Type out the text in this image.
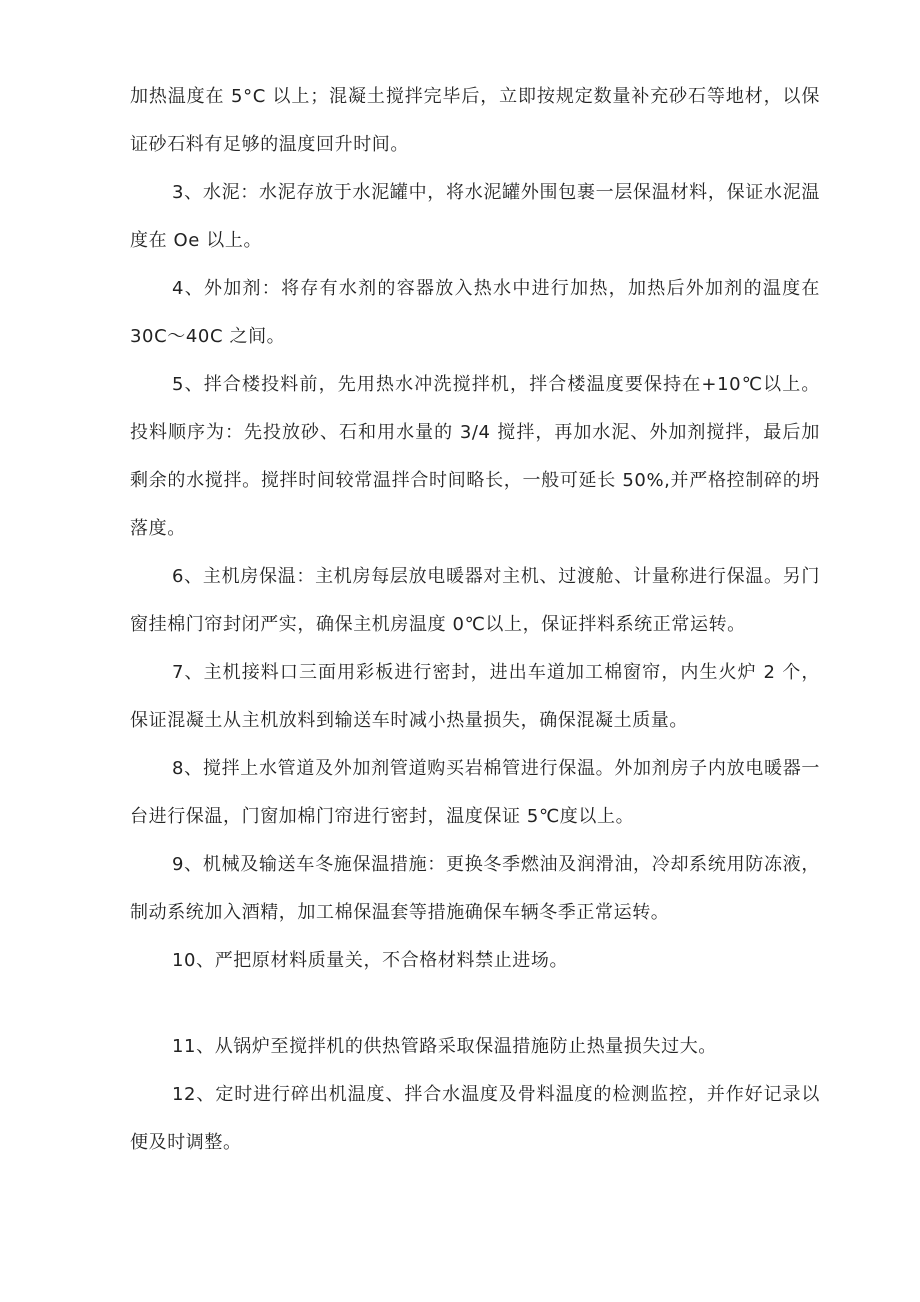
加热温度在 5°C 以上；混凝土搅拌完毕后，立即按规定数量补充砂石等地材，以保证砂石料有足够的温度回升时间。

3、水泥：水泥存放于水泥罐中，将水泥罐外围包裹一层保温材料，保证水泥温度在 Oe 以上。

4、外加剂：将存有水剂的容器放入热水中进行加热，加热后外加剂的温度在 30C～40C 之间。

5、拌合楼投料前，先用热水冲洗搅拌机，拌合楼温度要保持在+10℃以上。投料顺序为：先投放砂、石和用水量的 3/4 搅拌，再加水泥、外加剂搅拌，最后加剩余的水搅拌。搅拌时间较常温拌合时间略长，一般可延长 50%,并严格控制碎的坍落度。

6、主机房保温：主机房每层放电暖器对主机、过渡舱、计量称进行保温。另门窗挂棉门帘封闭严实，确保主机房温度 0℃以上，保证拌料系统正常运转。

7、主机接料口三面用彩板进行密封，进出车道加工棉窗帘，内生火炉 2 个，保证混凝土从主机放料到输送车时减小热量损失，确保混凝土质量。

8、搅拌上水管道及外加剂管道购买岩棉管进行保温。外加剂房子内放电暖器一台进行保温，门窗加棉门帘进行密封，温度保证 5℃度以上。

9、机械及输送车冬施保温措施：更换冬季燃油及润滑油，冷却系统用防冻液，制动系统加入酒精，加工棉保温套等措施确保车辆冬季正常运转。

10、严把原材料质量关，不合格材料禁止进场。

11、从锅炉至搅拌机的供热管路采取保温措施防止热量损失过大。

12、定时进行碎出机温度、拌合水温度及骨料温度的检测监控，并作好记录以便及时调整。
